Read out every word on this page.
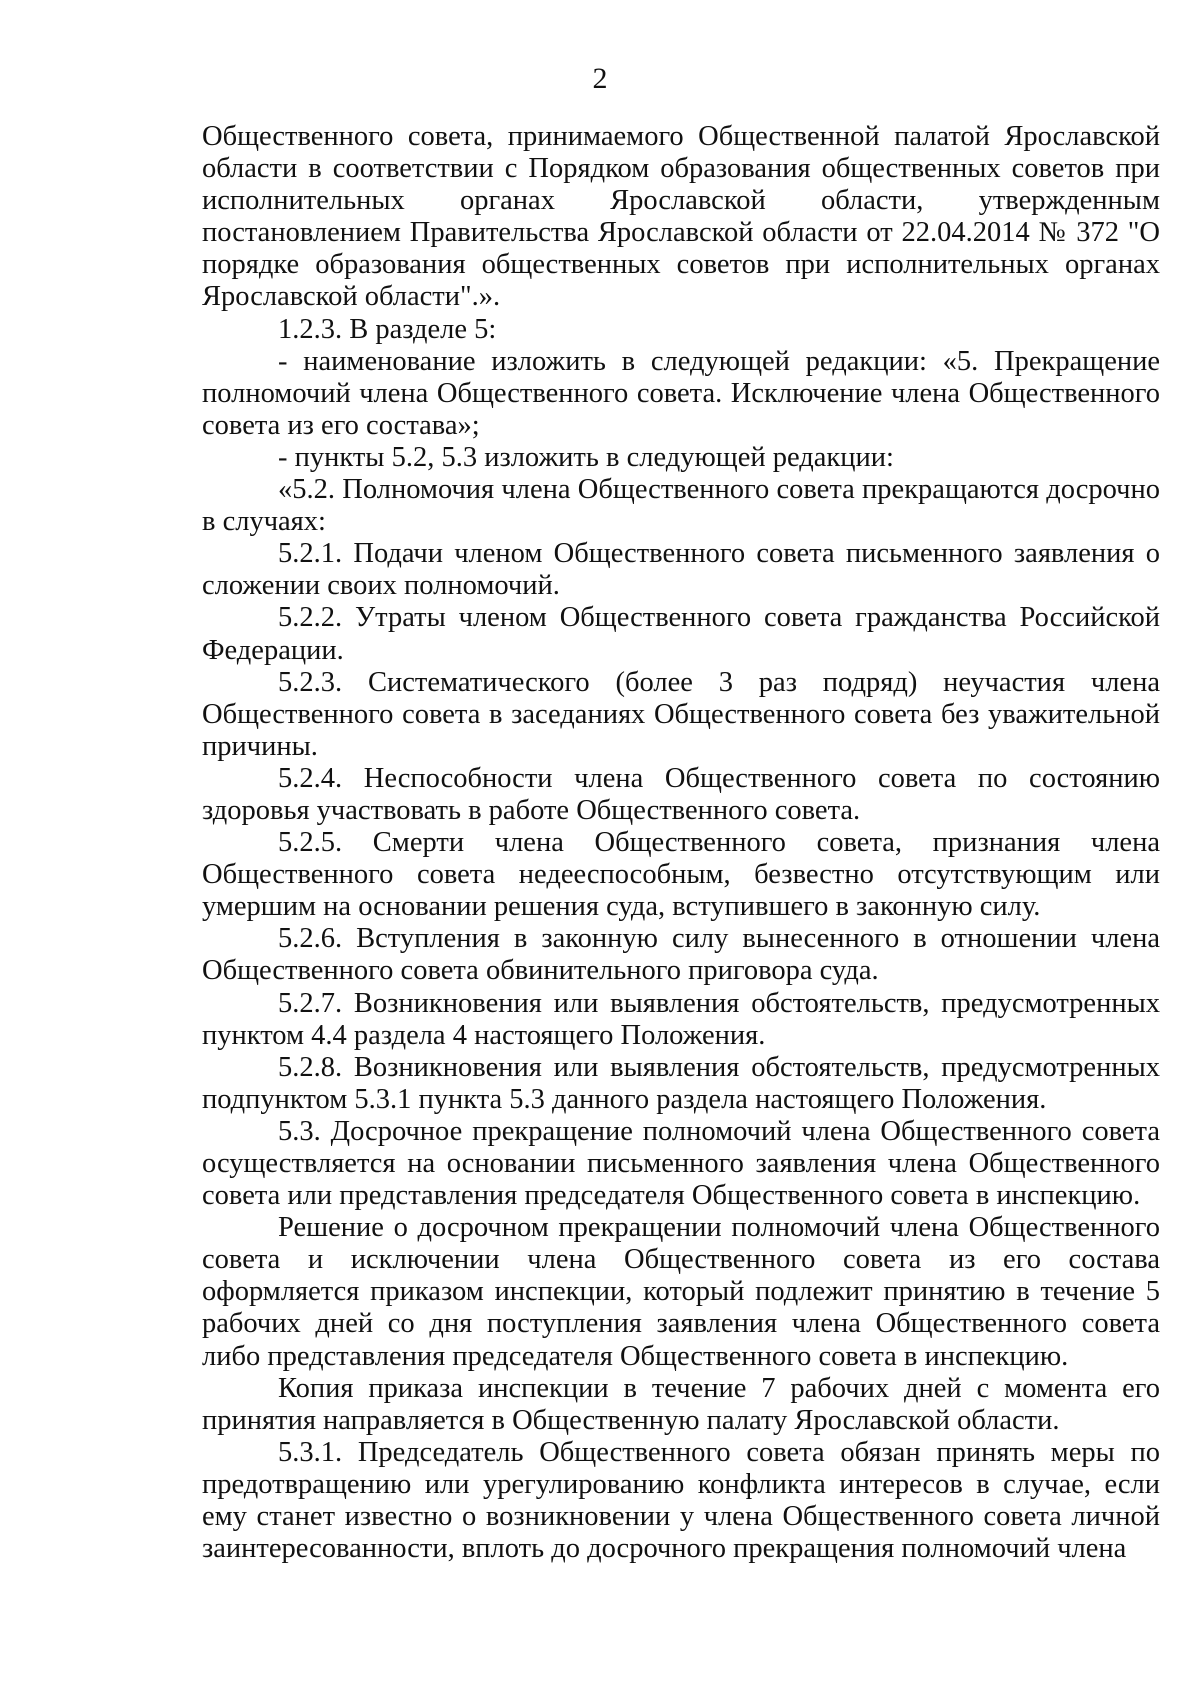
2

Общественного совета, принимаемого Общественной палатой Ярославской области в соответствии с Порядком образования общественных советов при исполнительных органах Ярославской области, утвержденным постановлением Правительства Ярославской области от 22.04.2014 № 372 "О порядке образования общественных советов при исполнительных органах Ярославской области".».

1.2.3. В разделе 5:

- наименование изложить в следующей редакции: «5. Прекращение полномочий члена Общественного совета. Исключение члена Общественного совета из его состава»;

- пункты 5.2, 5.3 изложить в следующей редакции:

«5.2. Полномочия члена Общественного совета прекращаются досрочно в случаях:

5.2.1. Подачи членом Общественного совета письменного заявления о сложении своих полномочий.

5.2.2. Утраты членом Общественного совета гражданства Российской Федерации.

5.2.3. Систематического (более 3 раз подряд) неучастия члена Общественного совета в заседаниях Общественного совета без уважительной причины.

5.2.4. Неспособности члена Общественного совета по состоянию здоровья участвовать в работе Общественного совета.

5.2.5. Смерти члена Общественного совета, признания члена Общественного совета недееспособным, безвестно отсутствующим или умершим на основании решения суда, вступившего в законную силу.

5.2.6. Вступления в законную силу вынесенного в отношении члена Общественного совета обвинительного приговора суда.

5.2.7. Возникновения или выявления обстоятельств, предусмотренных пунктом 4.4 раздела 4 настоящего Положения.

5.2.8. Возникновения или выявления обстоятельств, предусмотренных подпунктом 5.3.1 пункта 5.3 данного раздела настоящего Положения.

5.3. Досрочное прекращение полномочий члена Общественного совета осуществляется на основании письменного заявления члена Общественного совета или представления председателя Общественного совета в инспекцию.

Решение о досрочном прекращении полномочий члена Общественного совета и исключении члена Общественного совета из его состава оформляется приказом инспекции, который подлежит принятию в течение 5 рабочих дней со дня поступления заявления члена Общественного совета либо представления председателя Общественного совета в инспекцию.

Копия приказа инспекции в течение 7 рабочих дней с момента его принятия направляется в Общественную палату Ярославской области.

5.3.1. Председатель Общественного совета обязан принять меры по предотвращению или урегулированию конфликта интересов в случае, если ему станет известно о возникновении у члена Общественного совета личной заинтересованности, вплоть до досрочного прекращения полномочий члена
